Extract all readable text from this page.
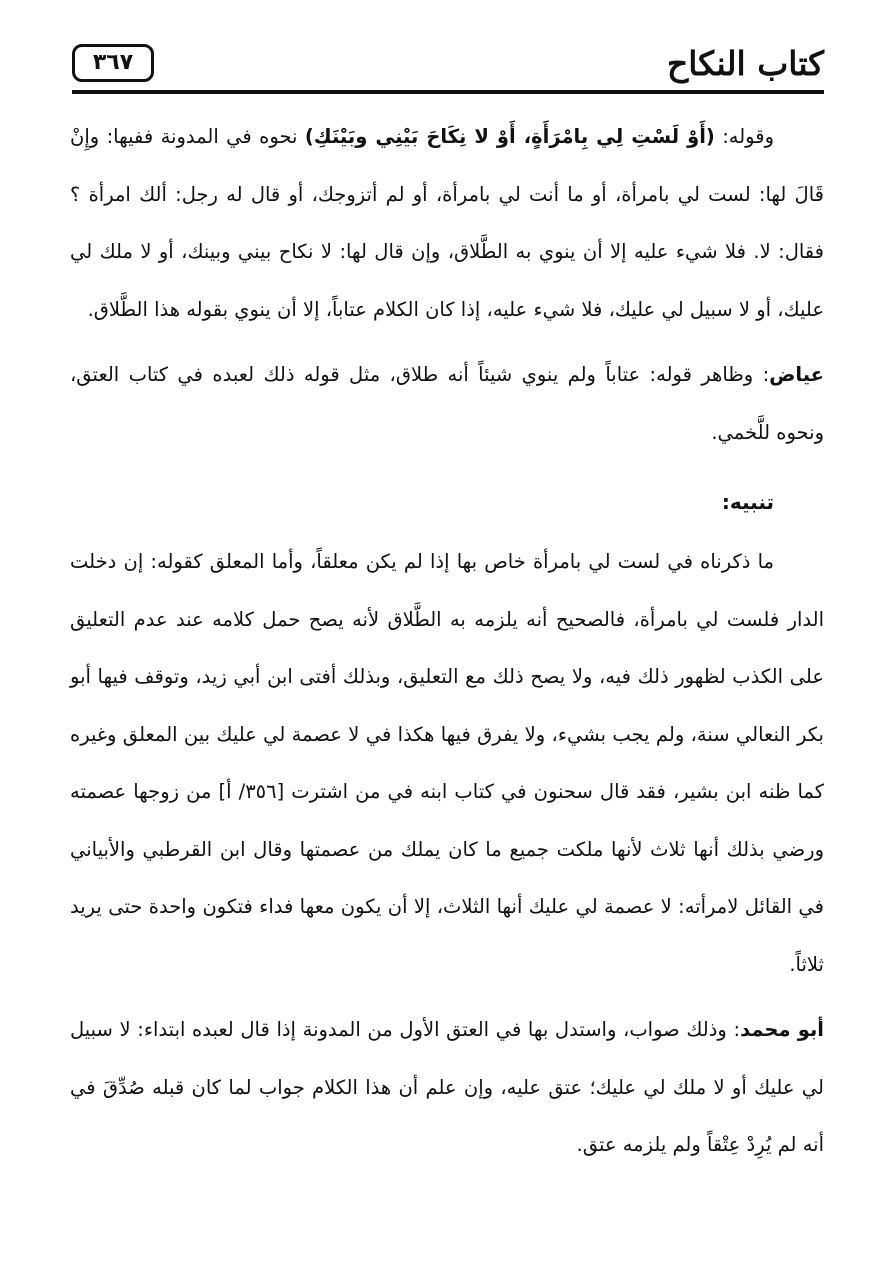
كتاب النكاح
٣٦٧

وقوله: (أَوْ لَسْتِ لِي بِامْرَأَةٍ، أَوْ لا نِكَاحَ بَيْنِي وبَيْنَكِ) نحوه في المدونة ففيها: وإِنْ قَالَ لها: لست لي بامرأة، أو ما أنت لي بامرأة، أو لم أتزوجك، أو قال له رجل: ألك امرأة ؟ فقال: لا. فلا شيء عليه إلا أن ينوي به الطَّلاق، وإن قال لها: لا نكاح بيني وبينك، أو لا ملك لي عليك، أو لا سبيل لي عليك، فلا شيء عليه، إذا كان الكلام عتاباً، إلا أن ينوي بقوله هذا الطَّلاق.

عياض: وظاهر قوله: عتاباً ولم ينوي شيئاً أنه طلاق، مثل قوله ذلك لعبده في كتاب العتق، ونحوه للَّخمي.

تنبيه:

ما ذكرناه في لست لي بامرأة خاص بها إذا لم يكن معلقاً، وأما المعلق كقوله: إن دخلت الدار فلست لي بامرأة، فالصحيح أنه يلزمه به الطَّلاق لأنه يصح حمل كلامه عند عدم التعليق على الكذب لظهور ذلك فيه، ولا يصح ذلك مع التعليق، وبذلك أفتى ابن أبي زيد، وتوقف فيها أبو بكر النعالي سنة، ولم يجب بشيء، ولا يفرق فيها هكذا في لا عصمة لي عليك بين المعلق وغيره كما ظنه ابن بشير، فقد قال سحنون في كتاب ابنه في من اشترت [٣٥٦/ أ] من زوجها عصمته ورضي بذلك أنها ثلاث لأنها ملكت جميع ما كان يملك من عصمتها وقال ابن القرطبي والأبياني في القائل لامرأته: لا عصمة لي عليك أنها الثلاث، إلا أن يكون معها فداء فتكون واحدة حتى يريد ثلاثاً.

أبو محمد: وذلك صواب، واستدل بها في العتق الأول من المدونة إذا قال لعبده ابتداء: لا سبيل لي عليك أو لا ملك لي عليك؛ عتق عليه، وإن علم أن هذا الكلام جواب لما كان قبله صُدِّقَ في أنه لم يُرِدْ عِتْقاً ولم يلزمه عتق.
